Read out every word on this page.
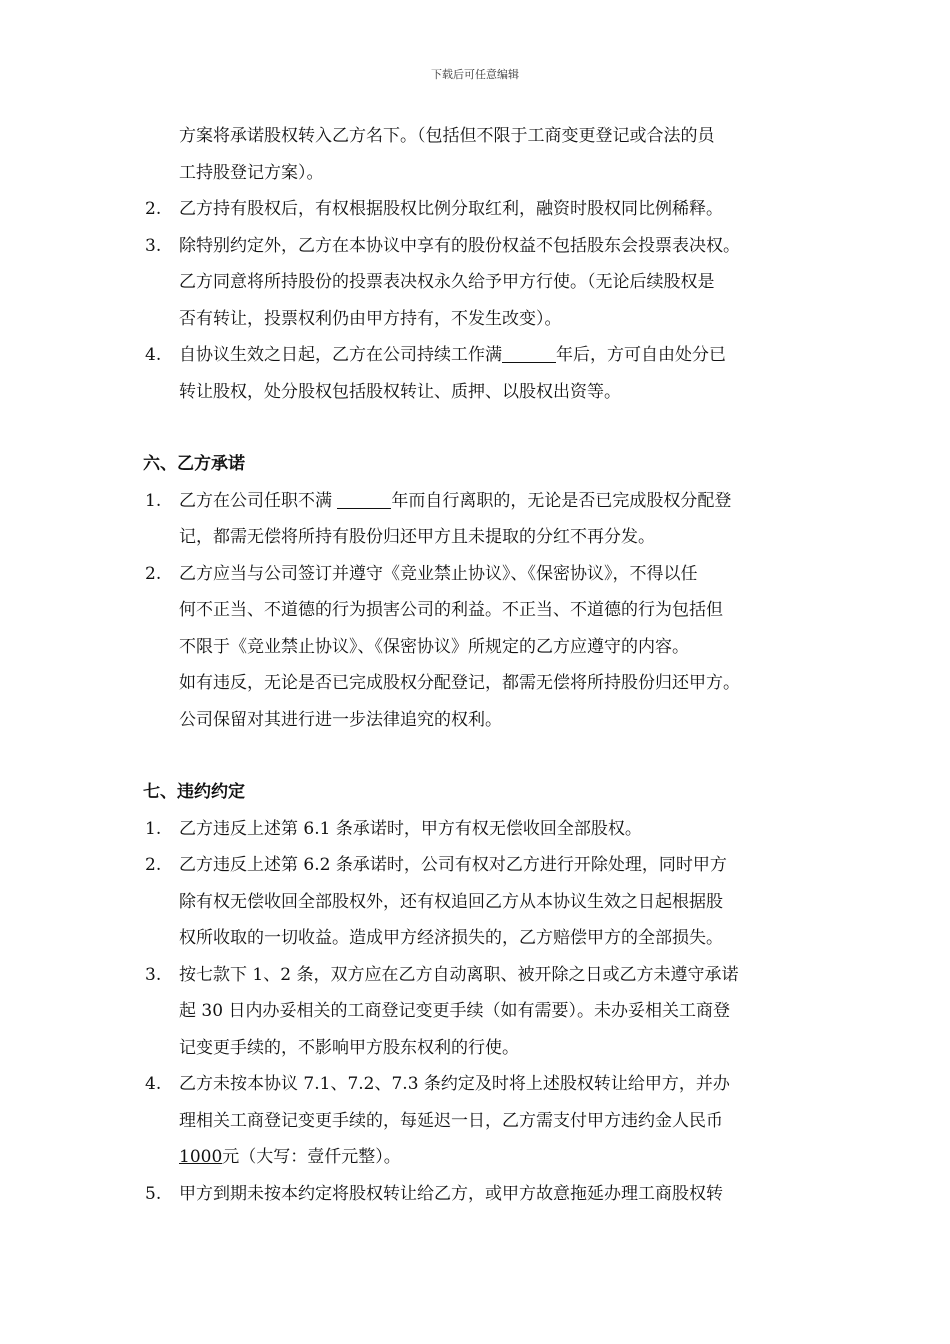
下载后可任意编辑
方案将承诺股权转入乙方名下。（包括但不限于工商变更登记或合法的员
工持股登记方案）。
2. 乙方持有股权后，有权根据股权比例分取红利，融资时股权同比例稀释。
3. 除特别约定外，乙方在本协议中享有的股份权益不包括股东会投票表决权。
乙方同意将所持股份的投票表决权永久给予甲方行使。（无论后续股权是
否有转让，投票权利仍由甲方持有，不发生改变）。
4. 自协议生效之日起，乙方在公司持续工作满	年后，方可自由处分已
转让股权，处分股权包括股权转让、质押、以股权出资等。
六、乙方承诺
1. 乙方在公司任职不满	年而自行离职的，无论是否已完成股权分配登
记，都需无偿将所持有股份归还甲方且未提取的分红不再分发。
2. 乙方应当与公司签订并遵守《竞业禁止协议》、《保密协议》，不得以任
何不正当、不道德的行为损害公司的利益。不正当、不道德的行为包括但
不限于《竞业禁止协议》、《保密协议》所规定的乙方应遵守的内容。
如有违反，无论是否已完成股权分配登记，都需无偿将所持股份归还甲方。
公司保留对其进行进一步法律追究的权利。
七、违约约定
1. 乙方违反上述第 6.1 条承诺时，甲方有权无偿收回全部股权。
2. 乙方违反上述第 6.2 条承诺时，公司有权对乙方进行开除处理，同时甲方
除有权无偿收回全部股权外，还有权追回乙方从本协议生效之日起根据股
权所收取的一切收益。造成甲方经济损失的，乙方赔偿甲方的全部损失。
3. 按七款下 1、2 条，双方应在乙方自动离职、被开除之日或乙方未遵守承诺
起 30 日内办妥相关的工商登记变更手续（如有需要）。未办妥相关工商登
记变更手续的，不影响甲方股东权利的行使。
4. 乙方未按本协议 7.1、7.2、7.3 条约定及时将上述股权转让给甲方，并办
理相关工商登记变更手续的，每延迟一日，乙方需支付甲方违约金人民币
1000元（大写：壹仟元整）。
5. 甲方到期未按本约定将股权转让给乙方，或甲方故意拖延办理工商股权转
